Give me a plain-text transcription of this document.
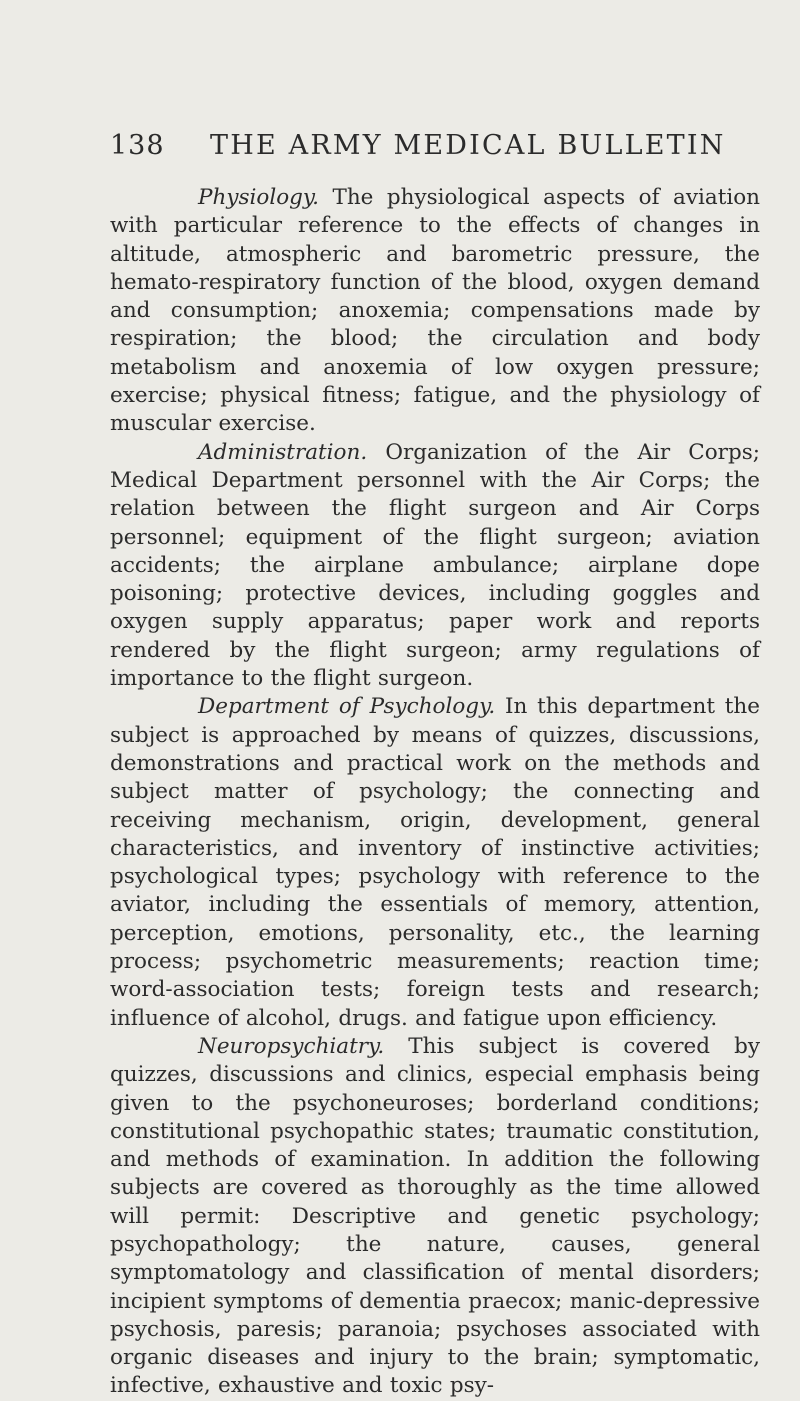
138 THE ARMY MEDICAL BULLETIN

Physiology. The physiological aspects of aviation with particular reference to the effects of changes in altitude, atmospheric and barometric pressure, the hemato-respiratory function of the blood, oxygen demand and consumption; anoxemia; compensations made by respiration; the blood; the circulation and body metabolism and anoxemia of low oxygen pressure; exercise; physical fitness; fatigue, and the physiology of muscular exercise.

Administration. Organization of the Air Corps; Medical Department personnel with the Air Corps; the relation between the flight surgeon and Air Corps personnel; equipment of the flight surgeon; aviation accidents; the airplane ambulance; airplane dope poisoning; protective devices, including goggles and oxygen supply apparatus; paper work and reports rendered by the flight surgeon; army regulations of importance to the flight surgeon.

Department of Psychology. In this department the subject is approached by means of quizzes, discussions, demonstrations and practical work on the methods and subject matter of psychology; the connecting and receiving mechanism, origin, development, general characteristics, and inventory of instinctive activities; psychological types; psychology with reference to the aviator, including the essentials of memory, attention, perception, emotions, personality, etc., the learning process; psychometric measurements; reaction time; word-association tests; foreign tests and research; influence of alcohol, drugs. and fatigue upon efficiency.

Neuropsychiatry. This subject is covered by quizzes, discussions and clinics, especial emphasis being given to the psychoneuroses; borderland conditions; constitutional psychopathic states; traumatic constitution, and methods of examination. In addition the following subjects are covered as thoroughly as the time allowed will permit: Descriptive and genetic psychology; psychopathology; the nature, causes, general symptomatology and classification of mental disorders; incipient symptoms of dementia praecox; manic-depressive psychosis, paresis; paranoia; psychoses associated with organic diseases and injury to the brain; symptomatic, infective, exhaustive and toxic psy-
